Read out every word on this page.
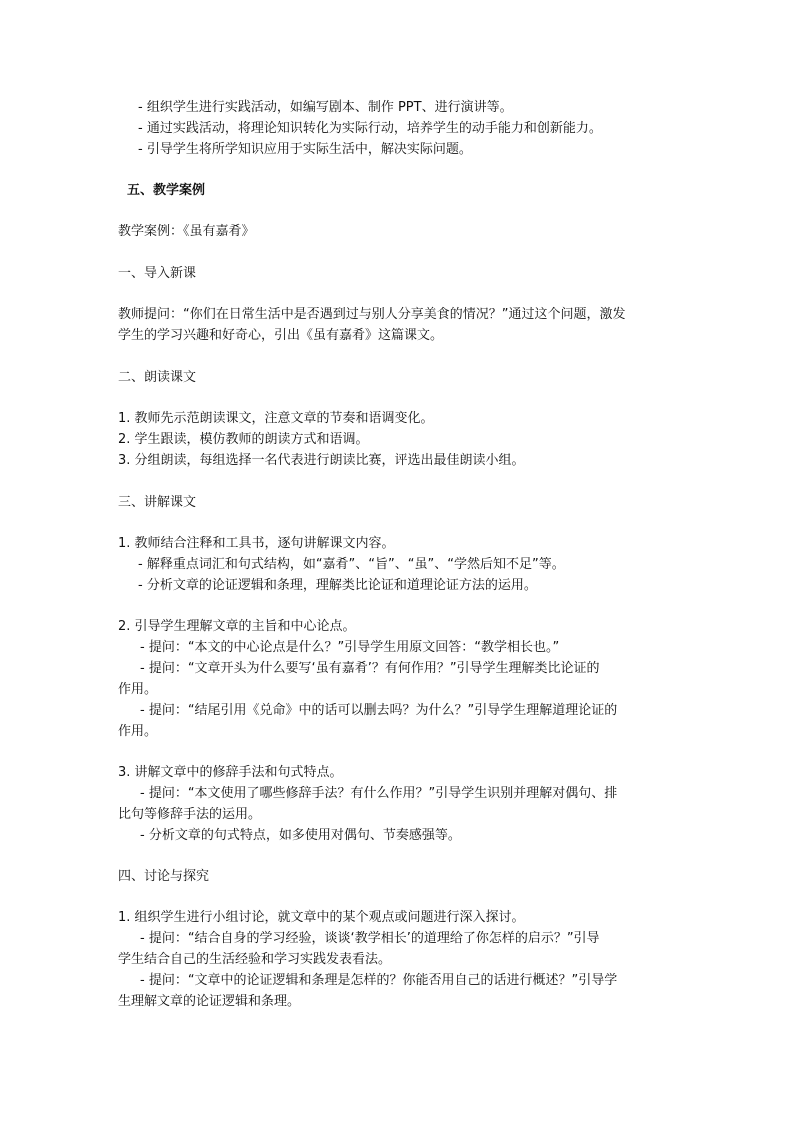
- 组织学生进行实践活动，如编写剧本、制作 PPT、进行演讲等。
- 通过实践活动，将理论知识转化为实际行动，培养学生的动手能力和创新能力。
- 引导学生将所学知识应用于实际生活中，解决实际问题。
五、教学案例
教学案例：《虽有嘉肴》
一、导入新课
教师提问：“你们在日常生活中是否遇到过与别人分享美食的情况？”通过这个问题，激发
学生的学习兴趣和好奇心，引出《虽有嘉肴》这篇课文。
二、朗读课文
1. 教师先示范朗读课文，注意文章的节奏和语调变化。
2. 学生跟读，模仿教师的朗读方式和语调。
3. 分组朗读，每组选择一名代表进行朗读比赛，评选出最佳朗读小组。
三、讲解课文
1. 教师结合注释和工具书，逐句讲解课文内容。
- 解释重点词汇和句式结构，如“嘉肴”、“旨”、“虽”、“学然后知不足”等。
- 分析文章的论证逻辑和条理，理解类比论证和道理论证方法的运用。
2. 引导学生理解文章的主旨和中心论点。
- 提问：“本文的中心论点是什么？”引导学生用原文回答：“教学相长也。”
- 提问：“文章开头为什么要写‘虽有嘉肴’？有何作用？”引导学生理解类比论证的
作用。
- 提问：“结尾引用《兑命》中的话可以删去吗？为什么？”引导学生理解道理论证的
作用。
3. 讲解文章中的修辞手法和句式特点。
- 提问：“本文使用了哪些修辞手法？有什么作用？”引导学生识别并理解对偶句、排
比句等修辞手法的运用。
- 分析文章的句式特点，如多使用对偶句、节奏感强等。
四、讨论与探究
1. 组织学生进行小组讨论，就文章中的某个观点或问题进行深入探讨。
- 提问：“结合自身的学习经验，谈谈‘教学相长’的道理给了你怎样的启示？”引导
学生结合自己的生活经验和学习实践发表看法。
- 提问：“文章中的论证逻辑和条理是怎样的？你能否用自己的话进行概述？”引导学
生理解文章的论证逻辑和条理。
